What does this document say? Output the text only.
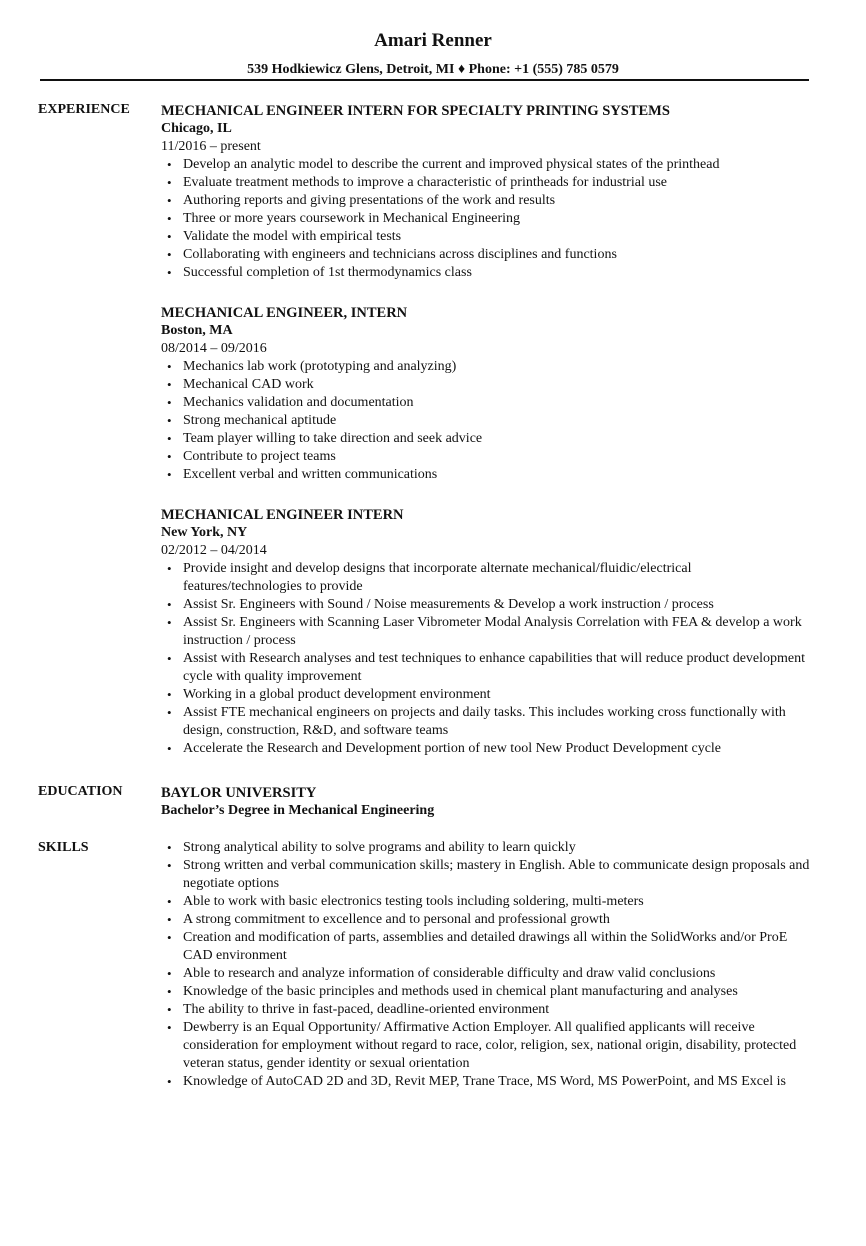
Amari Renner
539 Hodkiewicz Glens, Detroit, MI ♦ Phone: +1 (555) 785 0579
EXPERIENCE MECHANICAL ENGINEER INTERN FOR SPECIALTY PRINTING SYSTEMS
Chicago, IL
11/2016 – present
• Develop an analytic model to describe the current and improved physical states of the printhead
• Evaluate treatment methods to improve a characteristic of printheads for industrial use
• Authoring reports and giving presentations of the work and results
• Three or more years coursework in Mechanical Engineering
• Validate the model with empirical tests
• Collaborating with engineers and technicians across disciplines and functions
• Successful completion of 1st thermodynamics class
MECHANICAL ENGINEER, INTERN
Boston, MA
08/2014 – 09/2016
• Mechanics lab work (prototyping and analyzing)
• Mechanical CAD work
• Mechanics validation and documentation
• Strong mechanical aptitude
• Team player willing to take direction and seek advice
• Contribute to project teams
• Excellent verbal and written communications
MECHANICAL ENGINEER INTERN
New York, NY
02/2012 – 04/2014
• Provide insight and develop designs that incorporate alternate mechanical/fluidic/electrical features/technologies to provide
• Assist Sr. Engineers with Sound / Noise measurements & Develop a work instruction / process
• Assist Sr. Engineers with Scanning Laser Vibrometer Modal Analysis Correlation with FEA & develop a work instruction / process
• Assist with Research analyses and test techniques to enhance capabilities that will reduce product development cycle with quality improvement
• Working in a global product development environment
• Assist FTE mechanical engineers on projects and daily tasks. This includes working cross functionally with design, construction, R&D, and software teams
• Accelerate the Research and Development portion of new tool New Product Development cycle
EDUCATION	BAYLOR UNIVERSITY
Bachelor’s Degree in Mechanical Engineering
SKILLS
•	Strong analytical ability to solve programs and ability to learn quickly
• Strong written and verbal communication skills; mastery in English. Able to communicate design proposals and negotiate options
• Able to work with basic electronics testing tools including soldering, multi-meters
• A strong commitment to excellence and to personal and professional growth
• Creation and modification of parts, assemblies and detailed drawings all within the SolidWorks and/or ProE CAD environment
• Able to research and analyze information of considerable difficulty and draw valid conclusions
• Knowledge of the basic principles and methods used in chemical plant manufacturing and analyses
• The ability to thrive in fast-paced, deadline-oriented environment
• Dewberry is an Equal Opportunity/ Affirmative Action Employer. All qualified applicants will receive consideration for employment without regard to race, color, religion, sex, national origin, disability, protected veteran status, gender identity or sexual orientation
• Knowledge of AutoCAD 2D and 3D, Revit MEP, Trane Trace, MS Word, MS PowerPoint, and MS Excel is
